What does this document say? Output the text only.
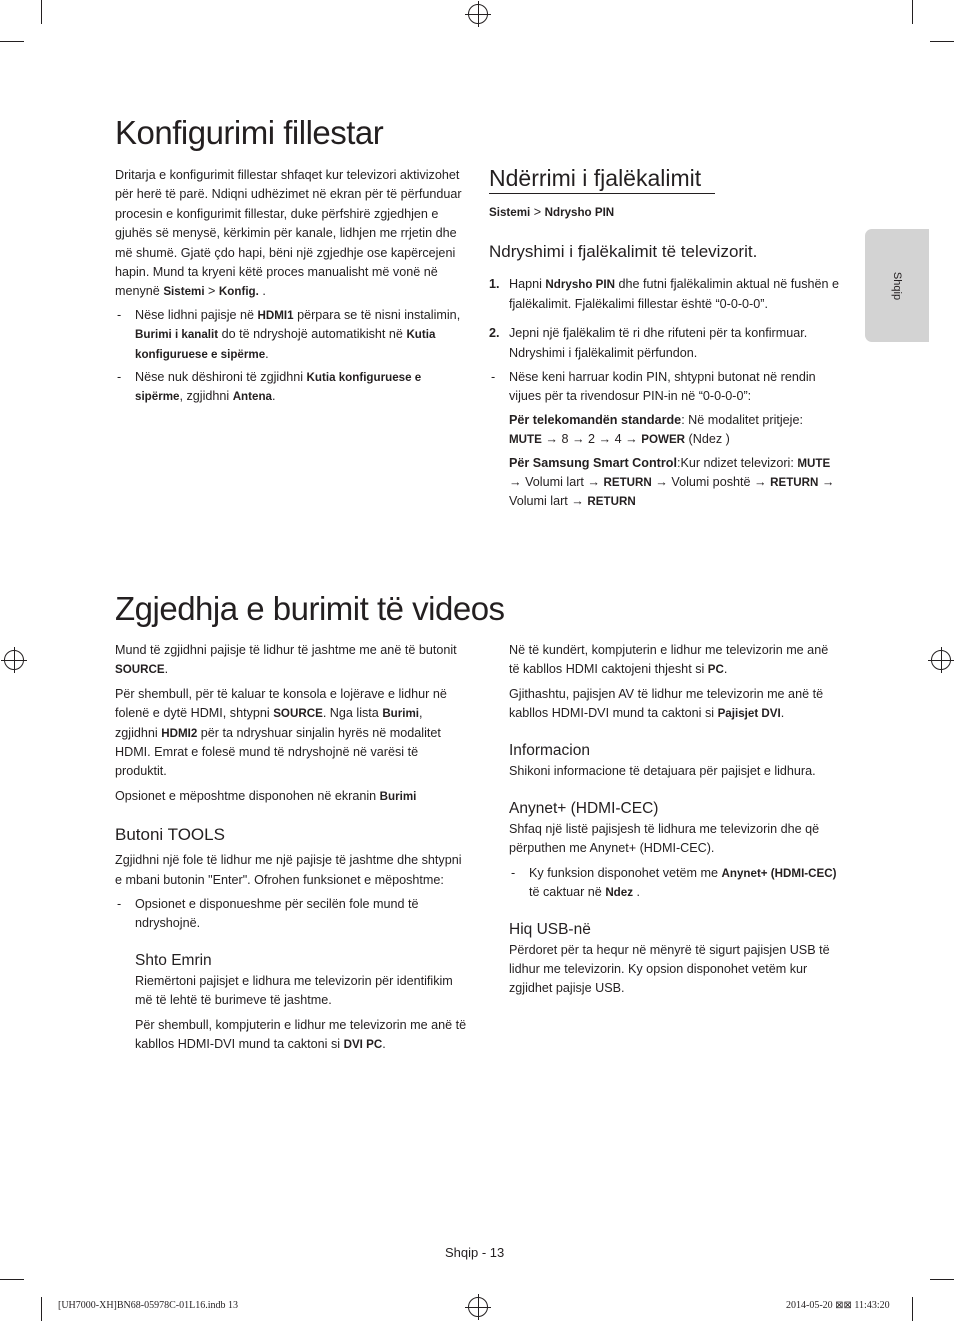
Shqip
Konfigurimi fillestar

Dritarja e konfigurimit fillestar shfaqet kur televizori aktivizohet për herë të parë. Ndiqni udhëzimet në ekran për të përfunduar procesin e konfigurimit fillestar, duke përfshirë zgjedhjen e gjuhës së menysë, kërkimin për kanale, lidhjen me rrjetin dhe më shumë. Gjatë çdo hapi, bëni një zgjedhje ose kapërcejeni hapin. Mund ta kryeni këtë proces manualisht më vonë në menynë Sistemi > Konfig. .

- Nëse lidhni pajisje në HDMI1 përpara se të nisni instalimin, Burimi i kanalit do të ndryshojë automatikisht në Kutia konfiguruese e sipërme.

- Nëse nuk dëshironi të zgjidhni Kutia konfiguruese e sipërme, zgjidhni Antena.

Ndërrimi i fjalëkalimit

Sistemi > Ndrysho PIN

Ndryshimi i fjalëkalimit të televizorit.

1. Hapni Ndrysho PIN dhe futni fjalëkalimin aktual në fushën e fjalëkalimit. Fjalëkalimi fillestar është “0-0-0-0”.

2. Jepni një fjalëkalim të ri dhe rifuteni për ta konfirmuar. Ndryshimi i fjalëkalimit përfundon.

- Nëse keni harruar kodin PIN, shtypni butonat në rendin vijues për ta rivendosur PIN-in në “0-0-0-0”:

Për telekomandën standarde: Në modalitet pritjeje: MUTE → 8 → 2 → 4 → POWER (Ndez )

Për Samsung Smart Control:Kur ndizet televizori: MUTE → Volumi lart → RETURN → Volumi poshtë → RETURN → Volumi lart → RETURN

Zgjedhja e burimit të videos

Mund të zgjidhni pajisje të lidhur të jashtme me anë të butonit SOURCE.

Për shembull, për të kaluar te konsola e lojërave e lidhur në folenë e dytë HDMI, shtypni SOURCE. Nga lista Burimi, zgjidhni HDMI2 për ta ndryshuar sinjalin hyrës në modalitet HDMI. Emrat e folesë mund të ndryshojnë në varësi të produktit.

Opsionet e mëposhtme disponohen në ekranin Burimi

Butoni TOOLS

Zgjidhni një fole të lidhur me një pajisje të jashtme dhe shtypni e mbani butonin "Enter". Ofrohen funksionet e mëposhtme:

- Opsionet e disponueshme për secilën fole mund të ndryshojnë.

Shto Emrin

Riemërtoni pajisjet e lidhura me televizorin për identifikim më të lehtë të burimeve të jashtme.

Për shembull, kompjuterin e lidhur me televizorin me anë të kabllos HDMI-DVI mund ta caktoni si DVI PC.

Në të kundërt, kompjuterin e lidhur me televizorin me anë të kabllos HDMI caktojeni thjesht si PC.

Gjithashtu, pajisjen AV të lidhur me televizorin me anë të kabllos HDMI-DVI mund ta caktoni si Pajisjet DVI.

Informacion

Shikoni informacione të detajuara për pajisjet e lidhura.

Anynet+ (HDMI-CEC)

Shfaq një listë pajisjesh të lidhura me televizorin dhe që përputhen me Anynet+ (HDMI-CEC).

- Ky funksion disponohet vetëm me Anynet+ (HDMI-CEC) të caktuar në Ndez .

Hiq USB-në

Përdoret për ta hequr në mënyrë të sigurt pajisjen USB të lidhur me televizorin. Ky opsion disponohet vetëm kur zgjidhet pajisje USB.

Shqip - 13
[UH7000-XH]BN68-05978C-01L16.indb 13	2014-05-20 ⊠⊠ 11:43:20
